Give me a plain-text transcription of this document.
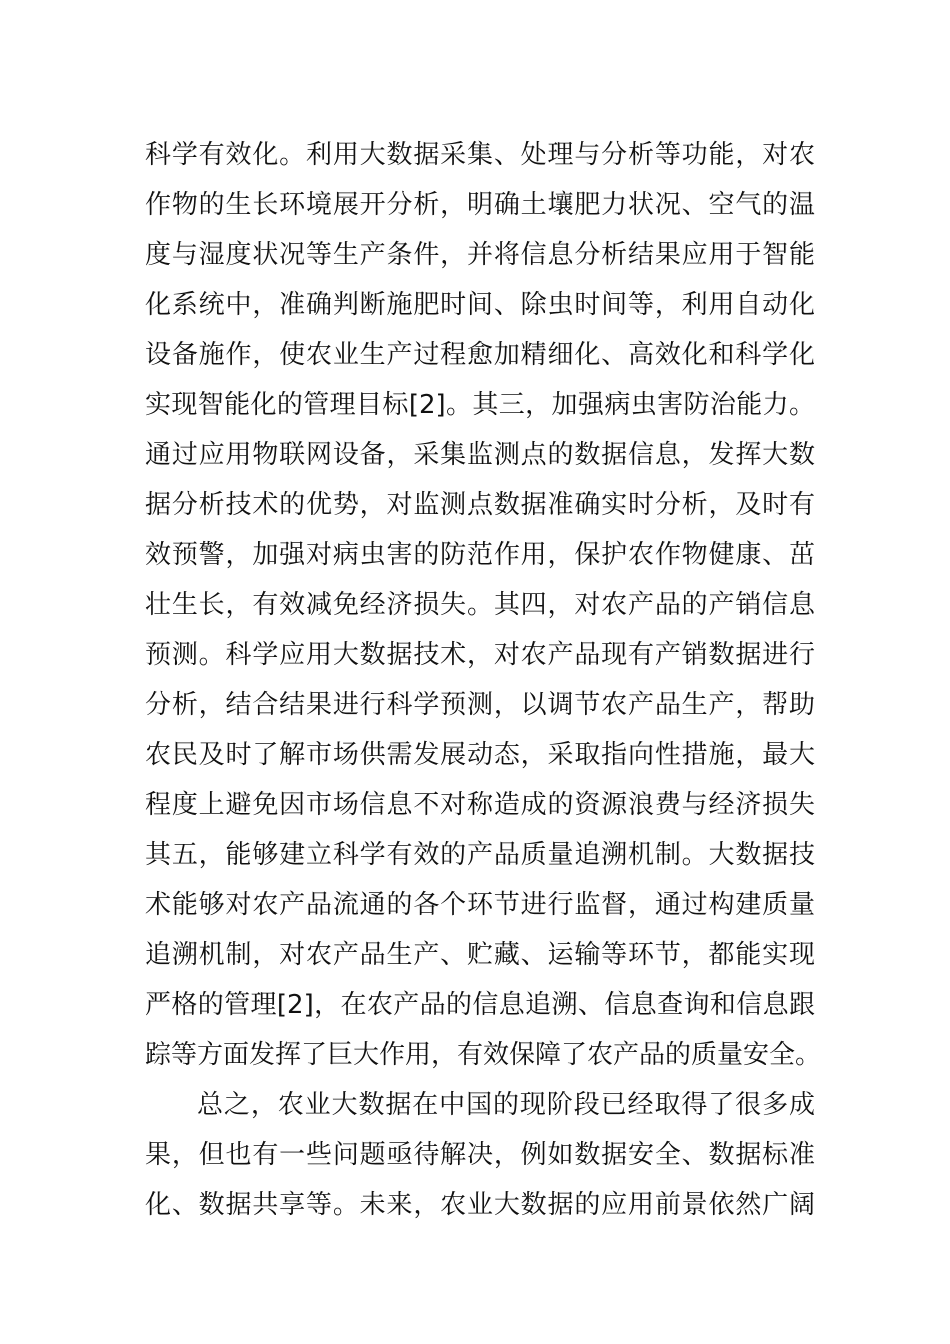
科学有效化。利用大数据采集、处理与分析等功能，对农
作物的生长环境展开分析，明确土壤肥力状况、空气的温
度与湿度状况等生产条件，并将信息分析结果应用于智能
化系统中，准确判断施肥时间、除虫时间等，利用自动化
设备施作，使农业生产过程愈加精细化、高效化和科学化
实现智能化的管理目标[2]。其三，加强病虫害防治能力。
通过应用物联网设备，采集监测点的数据信息，发挥大数
据分析技术的优势，对监测点数据准确实时分析，及时有
效预警，加强对病虫害的防范作用，保护农作物健康、茁
壮生长，有效减免经济损失。其四，对农产品的产销信息
预测。科学应用大数据技术，对农产品现有产销数据进行
分析，结合结果进行科学预测，以调节农产品生产，帮助
农民及时了解市场供需发展动态，采取指向性措施，最大
程度上避免因市场信息不对称造成的资源浪费与经济损失
其五，能够建立科学有效的产品质量追溯机制。大数据技
术能够对农产品流通的各个环节进行监督，通过构建质量
追溯机制，对农产品生产、贮藏、运输等环节，都能实现
严格的管理[2]，在农产品的信息追溯、信息查询和信息跟
踪等方面发挥了巨大作用，有效保障了农产品的质量安全。
总之，农业大数据在中国的现阶段已经取得了很多成
果，但也有一些问题亟待解决，例如数据安全、数据标准
化、数据共享等。未来，农业大数据的应用前景依然广阔
